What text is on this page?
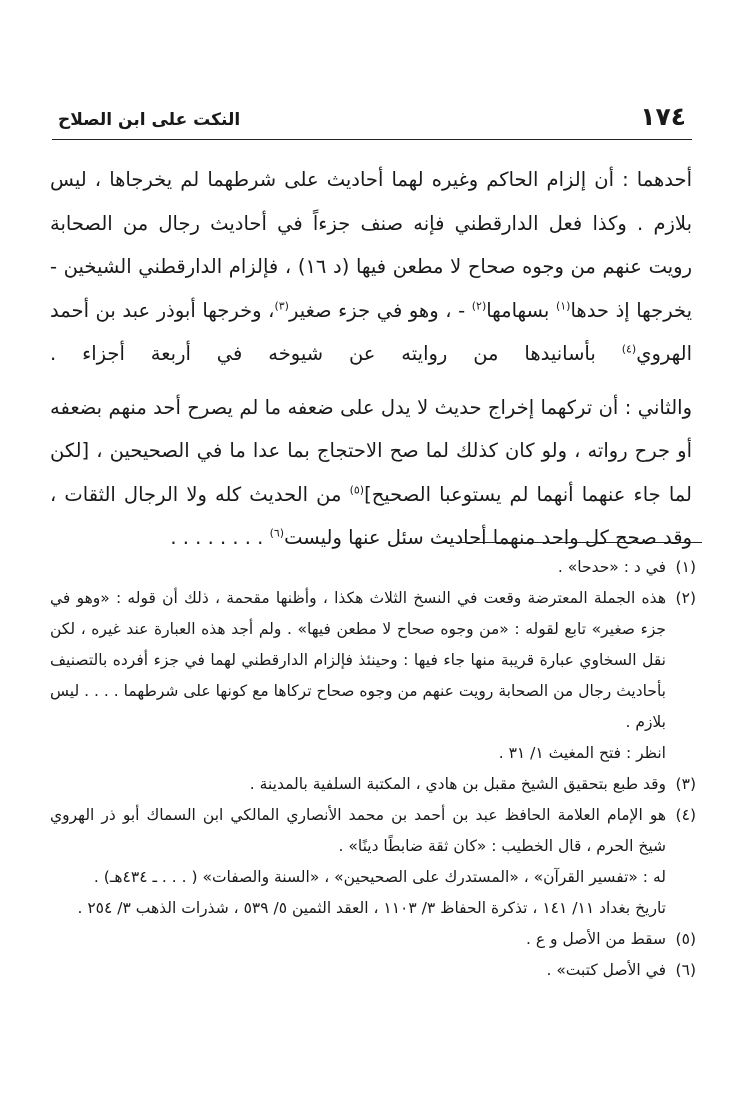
١٧٤
النكت على ابن الصلاح

أحدهما : أن إلزام الحاكم وغيره لهما أحاديث على شرطهما لم يخرجاها ، ليس بلازم . وكذا فعل الدارقطني فإنه صنف جزءاً في أحاديث رجال من الصحابة رويت عنهم من وجوه صحاح لا مطعن فيها (د ١٦) ، فإلزام الدارقطني الشيخين - يخرجها إذ حدها$^{(١)}$ بسهامها$^{(٢)}$ - ، وهو في جزء صغير$^{(٣)}$، وخرجها أبوذر عبد بن أحمد الهروي$^{(٤)}$ بأسانيدها من روايته عن شيوخه في أربعة أجزاء .

والثاني : أن تركهما إخراج حديث لا يدل على ضعفه ما لم يصرح أحد منهم بضعفه أو جرح رواته ، ولو كان كذلك لما صح الاحتجاج بما عدا ما في الصحيحين ، [لكن لما جاء عنهما أنهما لم يستوعبا الصحيح]$^{(٥)}$ من الحديث كله ولا الرجال الثقات ، وقد صحح كل واحد منهما أحاديث سئل عنها وليست$^{(٦)}$ . . . . . . . .

(١)
في د : «حدحا» .
(٢)
هذه الجملة المعترضة وقعت في النسخ الثلاث هكذا ، وأظنها مقحمة ، ذلك أن قوله : «وهو في جزء صغير» تابع لقوله : «من وجوه صحاح لا مطعن فيها» . ولم أجد هذه العبارة عند غيره ، لكن نقل السخاوي عبارة قريبة منها جاء فيها : وحينئذ فإلزام الدارقطني لهما في جزء أفرده بالتصنيف بأحاديث رجال من الصحابة رويت عنهم من وجوه صحاح تركاها مع كونها على شرطهما . . . . ليس بلازم .
انظر : فتح المغيث ١/ ٣١ .
(٣)
وقد طبع بتحقيق الشيخ مقبل بن هادي ، المكتبة السلفية بالمدينة .
(٤)
هو الإمام العلامة الحافظ عبد بن أحمد بن محمد الأنصاري المالكي ابن السماك أبو ذر الهروي شيخ الحرم ، قال الخطيب : «كان ثقة ضابطًا دينًا» .
له : «تفسير القرآن» ، «المستدرك على الصحيحين» ، «السنة والصفات» ( . . . ـ ٤٣٤هـ) .
تاريخ بغداد ١١/ ١٤١ ، تذكرة الحفاظ ٣/ ١١٠٣ ، العقد الثمين ٥/ ٥٣٩ ، شذرات الذهب ٣/ ٢٥٤ .
(٥)
سقط من الأصل و ع .
(٦)
في الأصل كتبت» .
